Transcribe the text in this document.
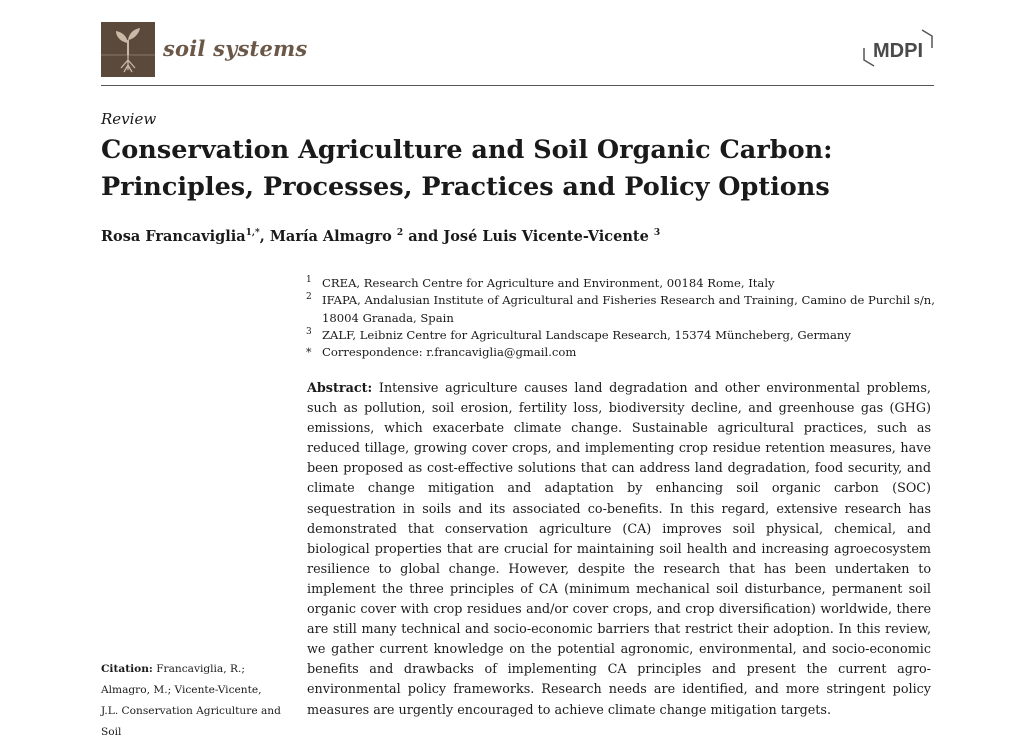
soil systems	MDPI
Review
Conservation Agriculture and Soil Organic Carbon: Principles, Processes, Practices and Policy Options
Rosa Francaviglia$^{1,*}$, María Almagro $^2$ and José Luis Vicente-Vicente $^3$
1 CREA, Research Centre for Agriculture and Environment, 00184 Rome, Italy
2 IFAPA, Andalusian Institute of Agricultural and Fisheries Research and Training, Camino de Purchil s/n, 18004 Granada, Spain
3 ZALF, Leibniz Centre for Agricultural Landscape Research, 15374 Müncheberg, Germany
* Correspondence: r.francaviglia@gmail.com

Abstract: Intensive agriculture causes land degradation and other environmental problems, such as pollution, soil erosion, fertility loss, biodiversity decline, and greenhouse gas (GHG) emissions, which exacerbate climate change. Sustainable agricultural practices, such as reduced tillage, growing cover crops, and implementing crop residue retention measures, have been proposed as cost-effective solutions that can address land degradation, food security, and climate change mitigation and adaptation by enhancing soil organic carbon (SOC) sequestration in soils and its associated co-benefits. In this regard, extensive research has demonstrated that conservation agriculture (CA) improves soil physical, chemical, and biological properties that are crucial for maintaining soil health and increasing agroecosystem resilience to global change. However, despite the research that has been undertaken to implement the three principles of CA (minimum mechanical soil disturbance, permanent soil organic cover with crop residues and/or cover crops, and crop diversification) worldwide, there are still many technical and socio-economic barriers that restrict their adoption. In this review, we gather current knowledge on the potential agronomic, environmental, and socio-economic benefits and drawbacks of implementing CA principles and present the current agro-environmental policy frameworks. Research needs are identified, and more stringent policy measures are urgently encouraged to achieve climate change mitigation targets.

Citation: Francaviglia, R.; Almagro, M.; Vicente-Vicente, J.L. Conservation Agriculture and Soil
